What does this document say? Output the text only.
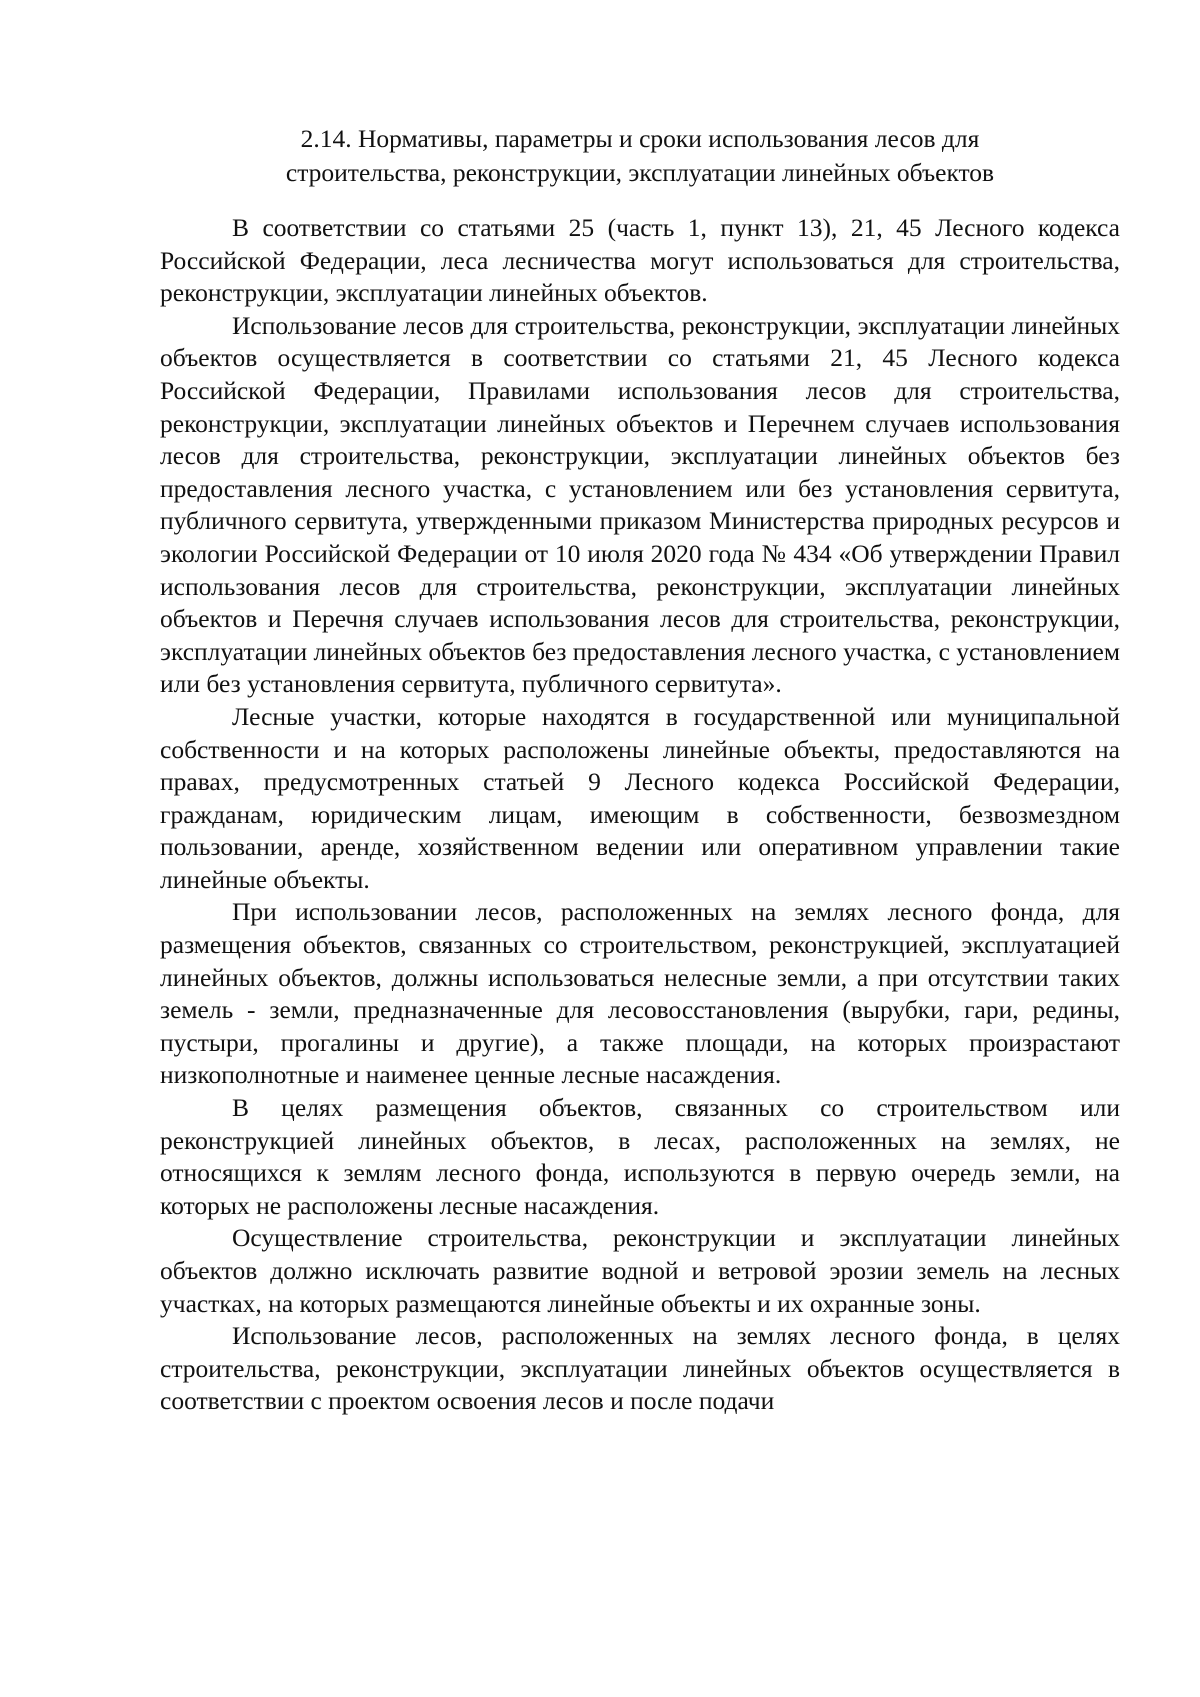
2.14. Нормативы, параметры и сроки использования лесов для
строительства, реконструкции, эксплуатации линейных объектов

В соответствии со статьями 25 (часть 1, пункт 13), 21, 45 Лесного кодекса Российской Федерации, леса лесничества могут использоваться для строительства, реконструкции, эксплуатации линейных объектов.

Использование лесов для строительства, реконструкции, эксплуатации линейных объектов осуществляется в соответствии со статьями 21, 45 Лесного кодекса Российской Федерации, Правилами использования лесов для строительства, реконструкции, эксплуатации линейных объектов и Перечнем случаев использования лесов для строительства, реконструкции, эксплуатации линейных объектов без предоставления лесного участка, с установлением или без установления сервитута, публичного сервитута, утвержденными приказом Министерства природных ресурсов и экологии Российской Федерации от 10 июля 2020 года № 434 «Об утверждении Правил использования лесов для строительства, реконструкции, эксплуатации линейных объектов и Перечня случаев использования лесов для строительства, реконструкции, эксплуатации линейных объектов без предоставления лесного участка, с установлением или без установления сервитута, публичного сервитута».

Лесные участки, которые находятся в государственной или муниципальной собственности и на которых расположены линейные объекты, предоставляются на правах, предусмотренных статьей 9 Лесного кодекса Российской Федерации, гражданам, юридическим лицам, имеющим в собственности, безвозмездном пользовании, аренде, хозяйственном ведении или оперативном управлении такие линейные объекты.

При использовании лесов, расположенных на землях лесного фонда, для размещения объектов, связанных со строительством, реконструкцией, эксплуатацией линейных объектов, должны использоваться нелесные земли, а при отсутствии таких земель - земли, предназначенные для лесовосстановления (вырубки, гари, редины, пустыри, прогалины и другие), а также площади, на которых произрастают низкополнотные и наименее ценные лесные насаждения.

В целях размещения объектов, связанных со строительством или реконструкцией линейных объектов, в лесах, расположенных на землях, не относящихся к землям лесного фонда, используются в первую очередь земли, на которых не расположены лесные насаждения.

Осуществление строительства, реконструкции и эксплуатации линейных объектов должно исключать развитие водной и ветровой эрозии земель на лесных участках, на которых размещаются линейные объекты и их охранные зоны.

Использование лесов, расположенных на землях лесного фонда, в целях строительства, реконструкции, эксплуатации линейных объектов осуществляется в соответствии с проектом освоения лесов и после подачи
